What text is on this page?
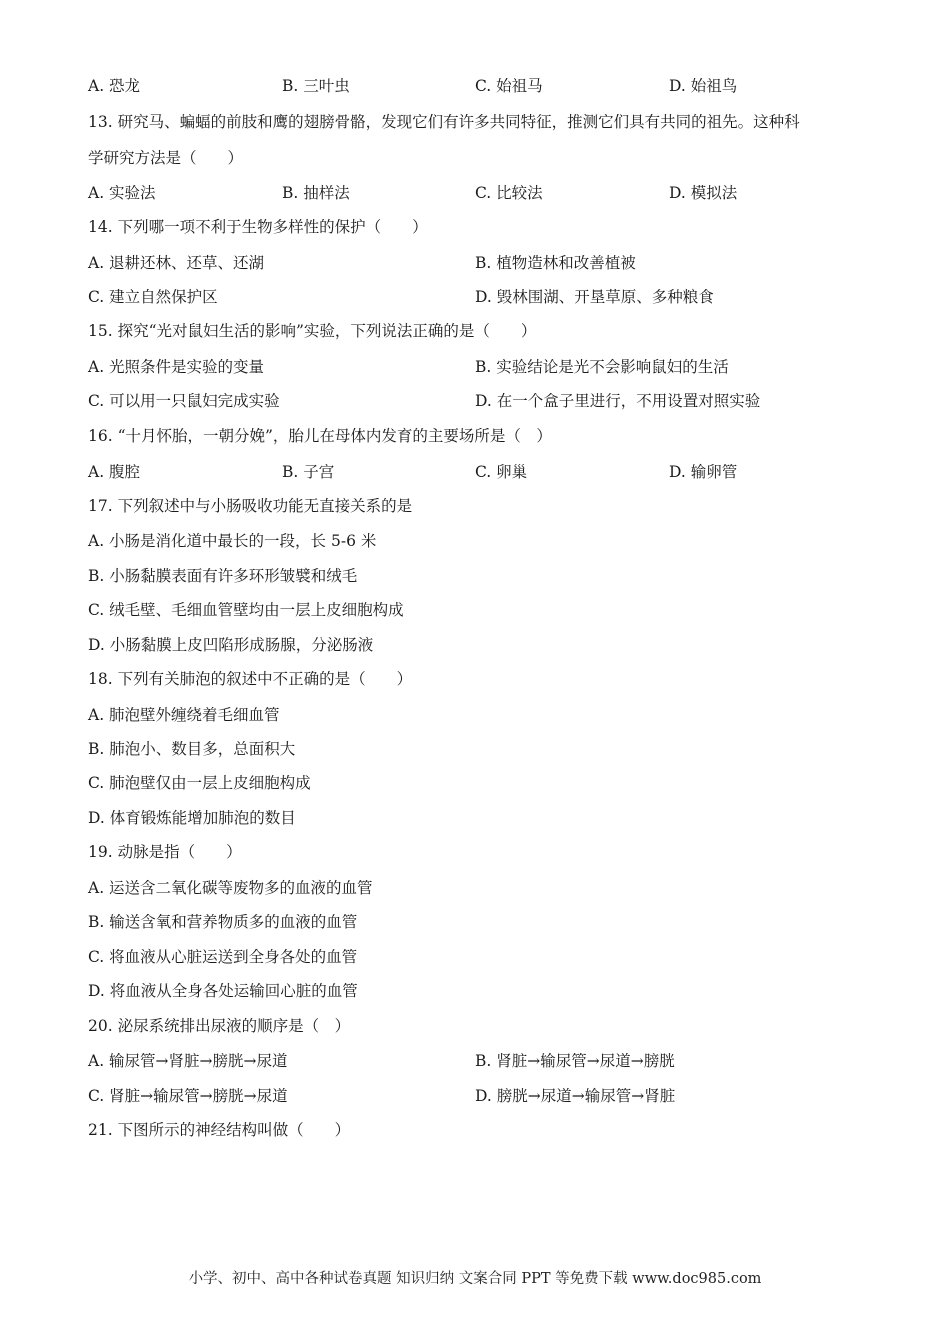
A. 恐龙	B. 三叶虫	C. 始祖马	D. 始祖鸟
13. 研究马、蝙蝠的前肢和鹰的翅膀骨骼，发现它们有许多共同特征，推测它们具有共同的祖先。这种科
学研究方法是（　　）
A. 实验法	B. 抽样法	C. 比较法	D. 模拟法
14. 下列哪一项不利于生物多样性的保护（　　）
A. 退耕还林、还草、还湖	B. 植物造林和改善植被
C. 建立自然保护区	D. 毁林围湖、开垦草原、多种粮食
15. 探究“光对鼠妇生活的影响”实验，下列说法正确的是（　　）
A. 光照条件是实验的变量	B. 实验结论是光不会影响鼠妇的生活
C. 可以用一只鼠妇完成实验	D. 在一个盒子里进行，不用设置对照实验
16. “十月怀胎，一朝分娩”，胎儿在母体内发育的主要场所是（　）
A. 腹腔	B. 子宫	C. 卵巢	D. 输卵管
17. 下列叙述中与小肠吸收功能无直接关系的是
A. 小肠是消化道中最长的一段，长 5-6 米
B. 小肠黏膜表面有许多环形皱襞和绒毛
C. 绒毛壁、毛细血管壁均由一层上皮细胞构成
D. 小肠黏膜上皮凹陷形成肠腺，分泌肠液
18. 下列有关肺泡的叙述中不正确的是（　　）
A. 肺泡壁外缠绕着毛细血管
B. 肺泡小、数目多，总面积大
C. 肺泡壁仅由一层上皮细胞构成
D. 体育锻炼能增加肺泡的数目
19. 动脉是指（　　）
A. 运送含二氧化碳等废物多的血液的血管
B. 输送含氧和营养物质多的血液的血管
C. 将血液从心脏运送到全身各处的血管
D. 将血液从全身各处运输回心脏的血管
20. 泌尿系统排出尿液的顺序是（　）
A. 输尿管→肾脏→膀胱→尿道	B. 肾脏→输尿管→尿道→膀胱
C. 肾脏→输尿管→膀胱→尿道	D. 膀胱→尿道→输尿管→肾脏
21. 下图所示的神经结构叫做（　　）
小学、初中、高中各种试卷真题 知识归纳 文案合同 PPT 等免费下载 www.doc985.com
